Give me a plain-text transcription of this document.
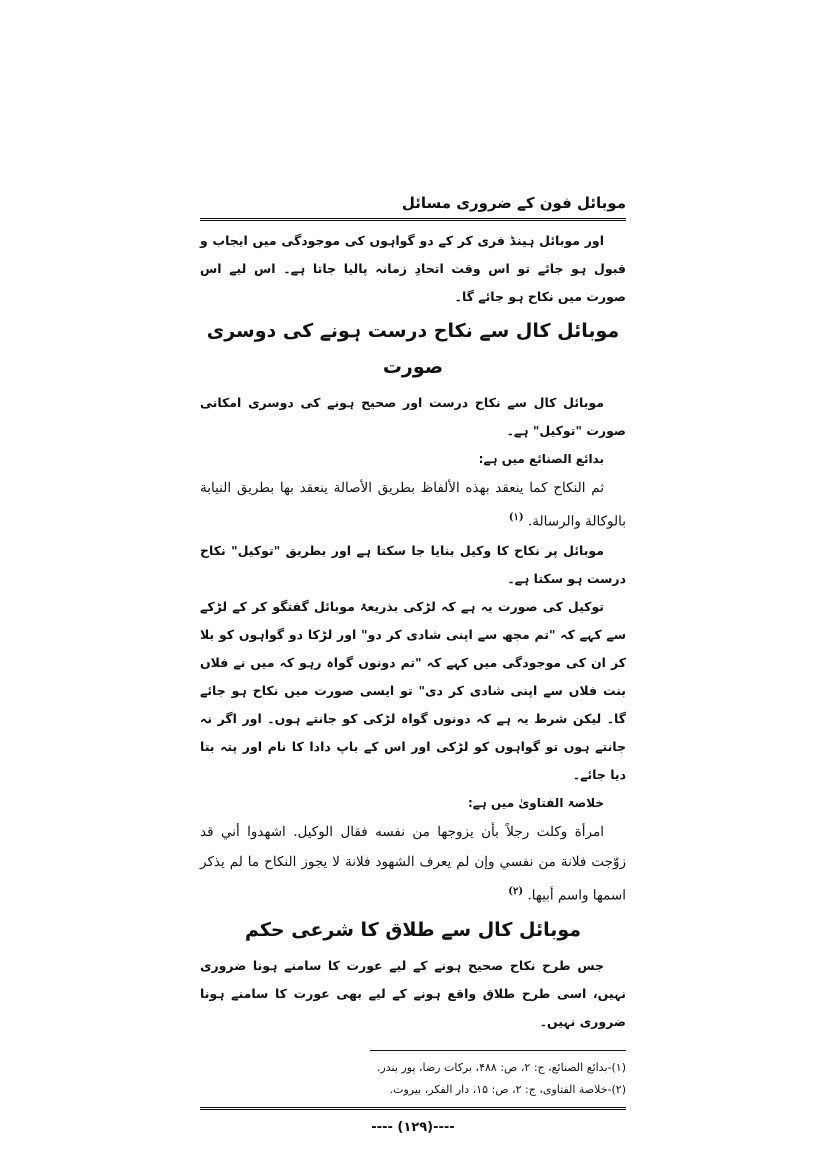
موبائل فون کے ضروری مسائل

اور موبائل ہینڈ فری کر کے دو گواہوں کی موجودگی میں ایجاب و قبول ہو جائے تو اس وقت اتحادِ زمانہ پالیا جاتا ہے۔ اس لیے اس صورت میں نکاح ہو جائے گا۔

موبائل کال سے نکاح درست ہونے کی دوسری صورت

موبائل کال سے نکاح درست اور صحیح ہونے کی دوسری امکانی صورت "توکیل" ہے۔

بدائع الصنائع میں ہے:

ثم النكاح كما ينعقد بهذه الألفاظ بطريق الأصالة ينعقد بها بطريق النيابة بالوكالة والرسالة. $^{(۱)}$

موبائل پر نکاح کا وکیل بنایا جا سکتا ہے اور بطریق "توکیل" نکاح درست ہو سکتا ہے۔

توکیل کی صورت یہ ہے کہ لڑکی بذریعۂ موبائل گفتگو کر کے لڑکے سے کہے کہ "تم مجھ سے اپنی شادی کر دو" اور لڑکا دو گواہوں کو بلا کر ان کی موجودگی میں کہے کہ "تم دونوں گواہ رہو کہ میں نے فلاں بنت فلاں سے اپنی شادی کر دی" تو ایسی صورت میں نکاح ہو جائے گا۔ لیکن شرط یہ ہے کہ دونوں گواہ لڑکی کو جانتے ہوں۔ اور اگر نہ جانتے ہوں تو گواہوں کو لڑکی اور اس کے باپ دادا کا نام اور پتہ بتا دیا جائے۔

خلاصۃ الفتاویٰ میں ہے:

امرأة وكلت رجلاً بأن يزوجها من نفسه فقال الوكيل. اشهدوا أني قد زوّجت فلانة من نفسي وإن لم يعرف الشهود فلانة لا يجوز النكاح ما لم يذكر اسمها واسم أبيها. $^{(۲)}$

موبائل کال سے طلاق کا شرعی حکم

جس طرح نکاح صحیح ہونے کے لیے عورت کا سامنے ہونا ضروری نہیں، اسی طرح طلاق واقع ہونے کے لیے بھی عورت کا سامنے ہونا ضروری نہیں۔

(۱)-بدائع الصنائع، ج: ۲، ص: ۴۸۸، برکات رضا، پور بندر.
(۲)-خلاصة الفتاوى، ج: ۲، ص: ۱۵، دار الفکر، بیروت.
---- (۱۲۹)----
